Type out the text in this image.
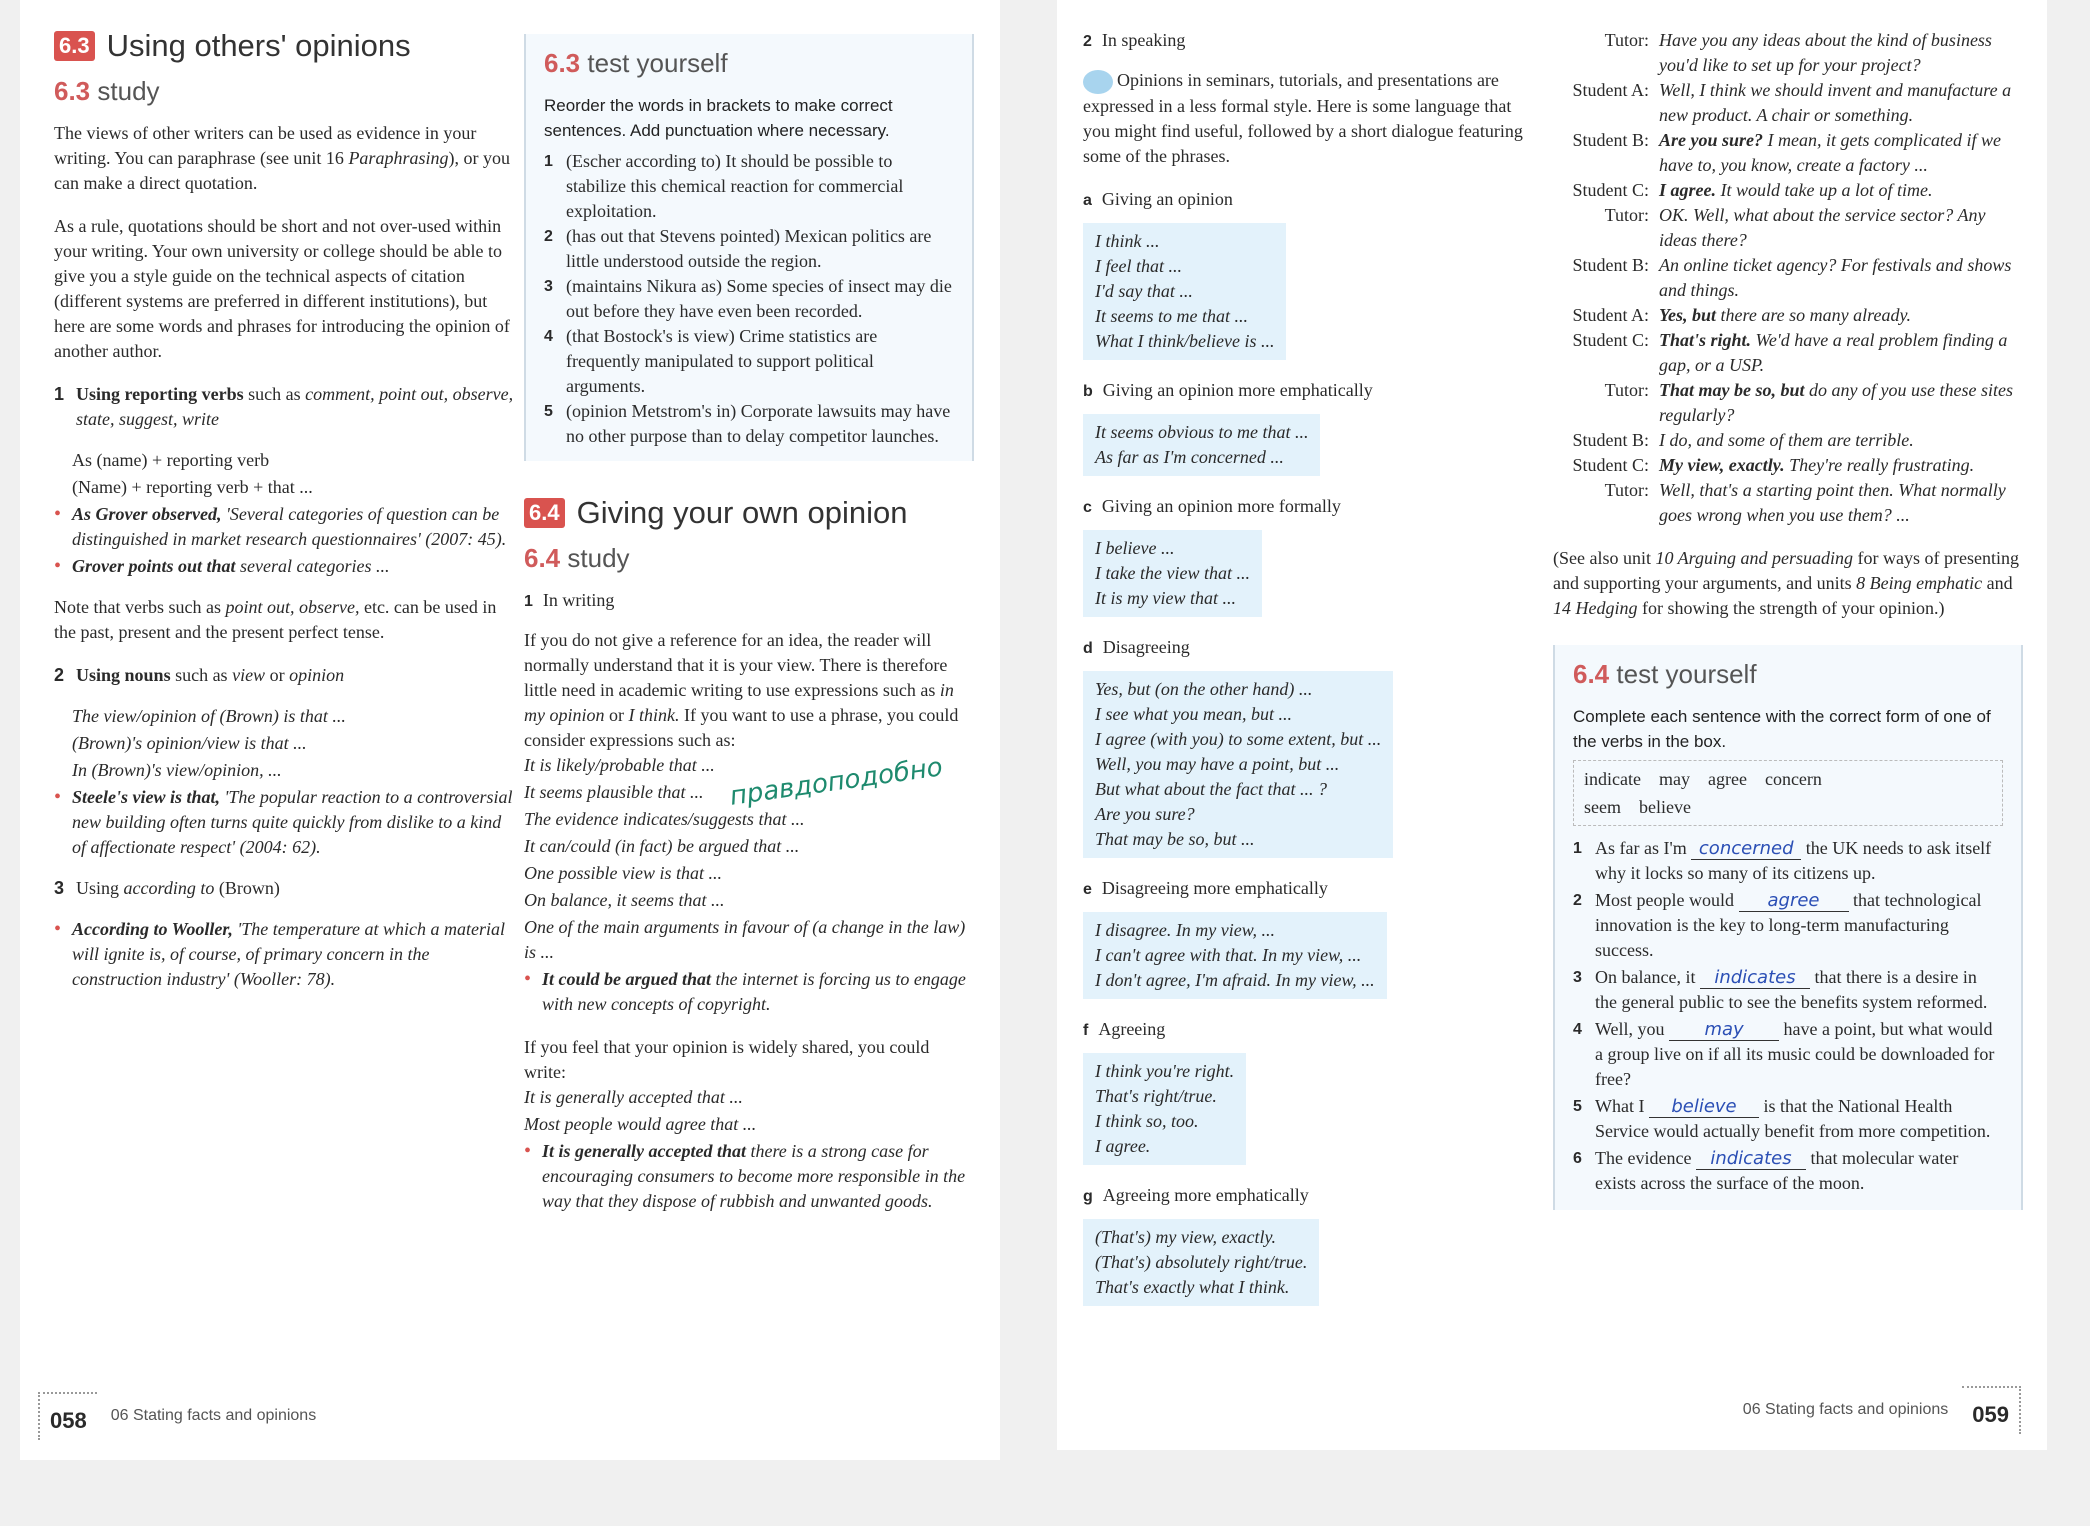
6.3 Using others' opinions
6.3 study

The views of other writers can be used as evidence in your writing. You can paraphrase (see unit 16 Paraphrasing), or you can make a direct quotation.

As a rule, quotations should be short and not over-used within your writing. Your own university or college should be able to give you a style guide on the technical aspects of citation (different systems are preferred in different institutions), but here are some words and phrases for introducing the opinion of another author.

1 Using reporting verbs such as comment, point out, observe, state, suggest, write
As (name) + reporting verb
(Name) + reporting verb + that ...
• As Grover observed, 'Several categories of question can be distinguished in market research questionnaires' (2007: 45).
• Grover points out that several categories ...

Note that verbs such as point out, observe, etc. can be used in the past, present and the present perfect tense.

2 Using nouns such as view or opinion
The view/opinion of (Brown) is that ...
(Brown)'s opinion/view is that ...
In (Brown)'s view/opinion, ...
• Steele's view is that, 'The popular reaction to a controversial new building often turns quite quickly from dislike to a kind of affectionate respect' (2004: 62).
3 Using according to (Brown)
• According to Wooller, 'The temperature at which a material will ignite is, of course, of primary concern in the construction industry' (Wooller: 78).
6.3 test yourself
Reorder the words in brackets to make correct sentences. Add punctuation where necessary.
1 (Escher according to) It should be possible to stabilize this chemical reaction for commercial exploitation.
2 (has out that Stevens pointed) Mexican politics are little understood outside the region.
3 (maintains Nikura as) Some species of insect may die out before they have even been recorded.
4 (that Bostock's is view) Crime statistics are frequently manipulated to support political arguments.
5 (opinion Metstrom's in) Corporate lawsuits may have no other purpose than to delay competitor launches.
6.4 Giving your own opinion
6.4 study
1 In writing

If you do not give a reference for an idea, the reader will normally understand that it is your view. There is therefore little need in academic writing to use expressions such as in my opinion or I think. If you want to use a phrase, you could consider expressions such as:

It is likely/probable that ...
It seems plausible that ...
The evidence indicates/suggests that ...
It can/could (in fact) be argued that ...
One possible view is that ...
On balance, it seems that ...
One of the main arguments in favour of (a change in the law) is ...
• It could be argued that the internet is forcing us to engage with new concepts of copyright.
правдоподобно

If you feel that your opinion is widely shared, you could write:

It is generally accepted that ...
Most people would agree that ...
• It is generally accepted that there is a strong case for encouraging consumers to become more responsible in the way that they dispose of rubbish and unwanted goods.
058	06 Stating facts and opinions
2 In speaking

Opinions in seminars, tutorials, and presentations are expressed in a less formal style. Here is some language that you might find useful, followed by a short dialogue featuring some of the phrases.

a Giving an opinion
I think ...
I feel that ...
I'd say that ...
It seems to me that ...
What I think/believe is ...
b Giving an opinion more emphatically
It seems obvious to me that ...
As far as I'm concerned ...
c Giving an opinion more formally
I believe ...
I take the view that ...
It is my view that ...
d Disagreeing
Yes, but (on the other hand) ...
I see what you mean, but ...
I agree (with you) to some extent, but ...
Well, you may have a point, but ...
But what about the fact that ... ?
Are you sure?
That may be so, but ...
e Disagreeing more emphatically
I disagree. In my view, ...
I can't agree with that. In my view, ...
I don't agree, I'm afraid. In my view, ...
f Agreeing
I think you're right.
That's right/true.
I think so, too.
I agree.
g Agreeing more emphatically
(That's) my view, exactly.
(That's) absolutely right/true.
That's exactly what I think.
Tutor: Have you any ideas about the kind of business you'd like to set up for your project?
Student A: Well, I think we should invent and manufacture a new product. A chair or something.
Student B: Are you sure? I mean, it gets complicated if we have to, you know, create a factory ...
Student C: I agree. It would take up a lot of time.
Tutor: OK. Well, what about the service sector? Any ideas there?
Student B: An online ticket agency? For festivals and shows and things.
Student A: Yes, but there are so many already.
Student C: That's right. We'd have a real problem finding a gap, or a USP.
Tutor: That may be so, but do any of you use these sites regularly?
Student B: I do, and some of them are terrible.
Student C: My view, exactly. They're really frustrating.
Tutor: Well, that's a starting point then. What normally goes wrong when you use them? ...

(See also unit 10 Arguing and persuading for ways of presenting and supporting your arguments, and units 8 Being emphatic and 14 Hedging for showing the strength of your opinion.)

6.4 test yourself
Complete each sentence with the correct form of one of the verbs in the box.
indicate may agree concern
seem believe
1 As far as I'm concerned the UK needs to ask itself why it locks so many of its citizens up.
2 Most people would agree that technological innovation is the key to long-term manufacturing success.
3 On balance, it indicates that there is a desire in the general public to see the benefits system reformed.
4 Well, you may have a point, but what would a group live on if all its music could be downloaded for free?
5 What I believe is that the National Health Service would actually benefit from more competition.
6 The evidence indicates that molecular water exists across the surface of the moon.
06 Stating facts and opinions	059
